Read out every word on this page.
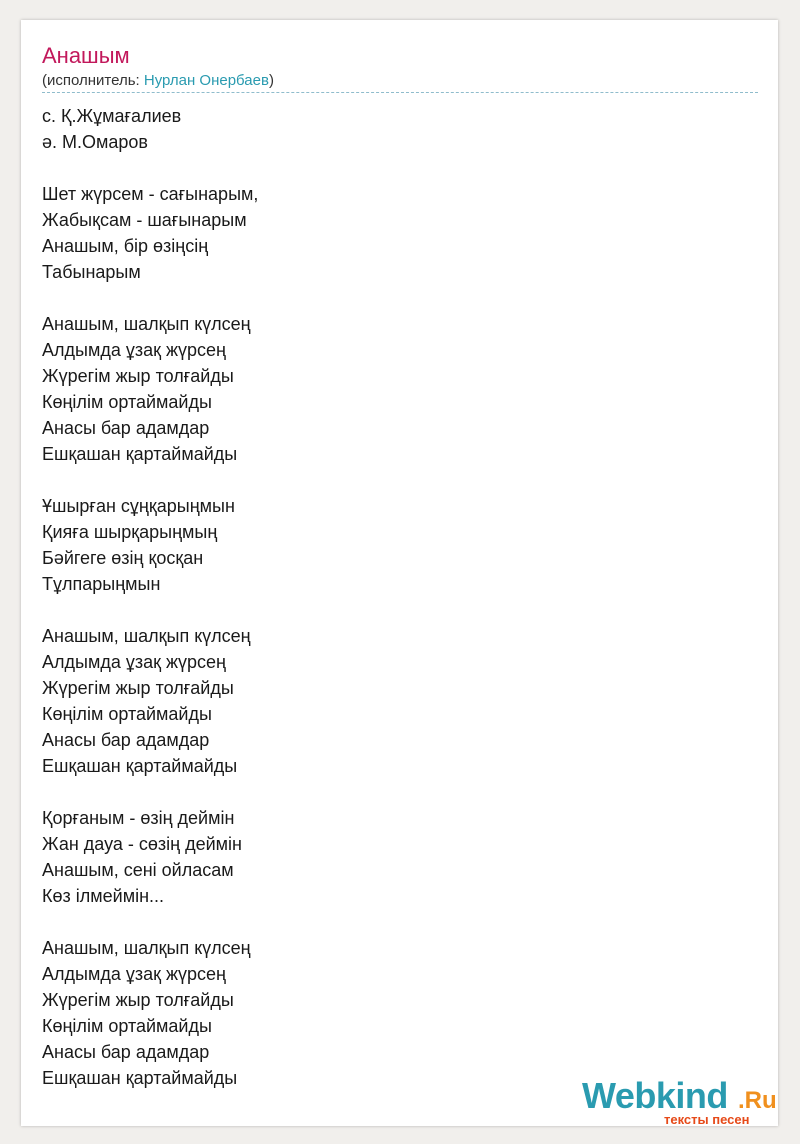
Анашым
(исполнитель: Нурлан Онербаев)
с. Қ.Жұмағалиев
ә. М.Омаров
Шет жүрсем - сағынарым,
Жабықсам - шағынарым
Анашым, бір өзіңсің
Табынарым
Анашым, шалқып күлсең
Алдымда ұзақ жүрсең
Жүрегім жыр толғайды
Көңілім ортаймайды
Анасы бар адамдар
Ешқашан қартаймайды
Ұшырған сұңқарыңмын
Қияға шырқарыңмың
Бәйгеге өзің қосқан
Тұлпарыңмын
Анашым, шалқып күлсең
Алдымда ұзақ жүрсең
Жүрегім жыр толғайды
Көңілім ортаймайды
Анасы бар адамдар
Ешқашан қартаймайды
Қорғаным - өзің деймін
Жан дауа - сөзің деймін
Анашым, сені ойласам
Көз ілмеймін...
Анашым, шалқып күлсең
Алдымда ұзақ жүрсең
Жүрегім жыр толғайды
Көңілім ортаймайды
Анасы бар адамдар
Ешқашан қартаймайды	Webkind .Ru
тексты песен
